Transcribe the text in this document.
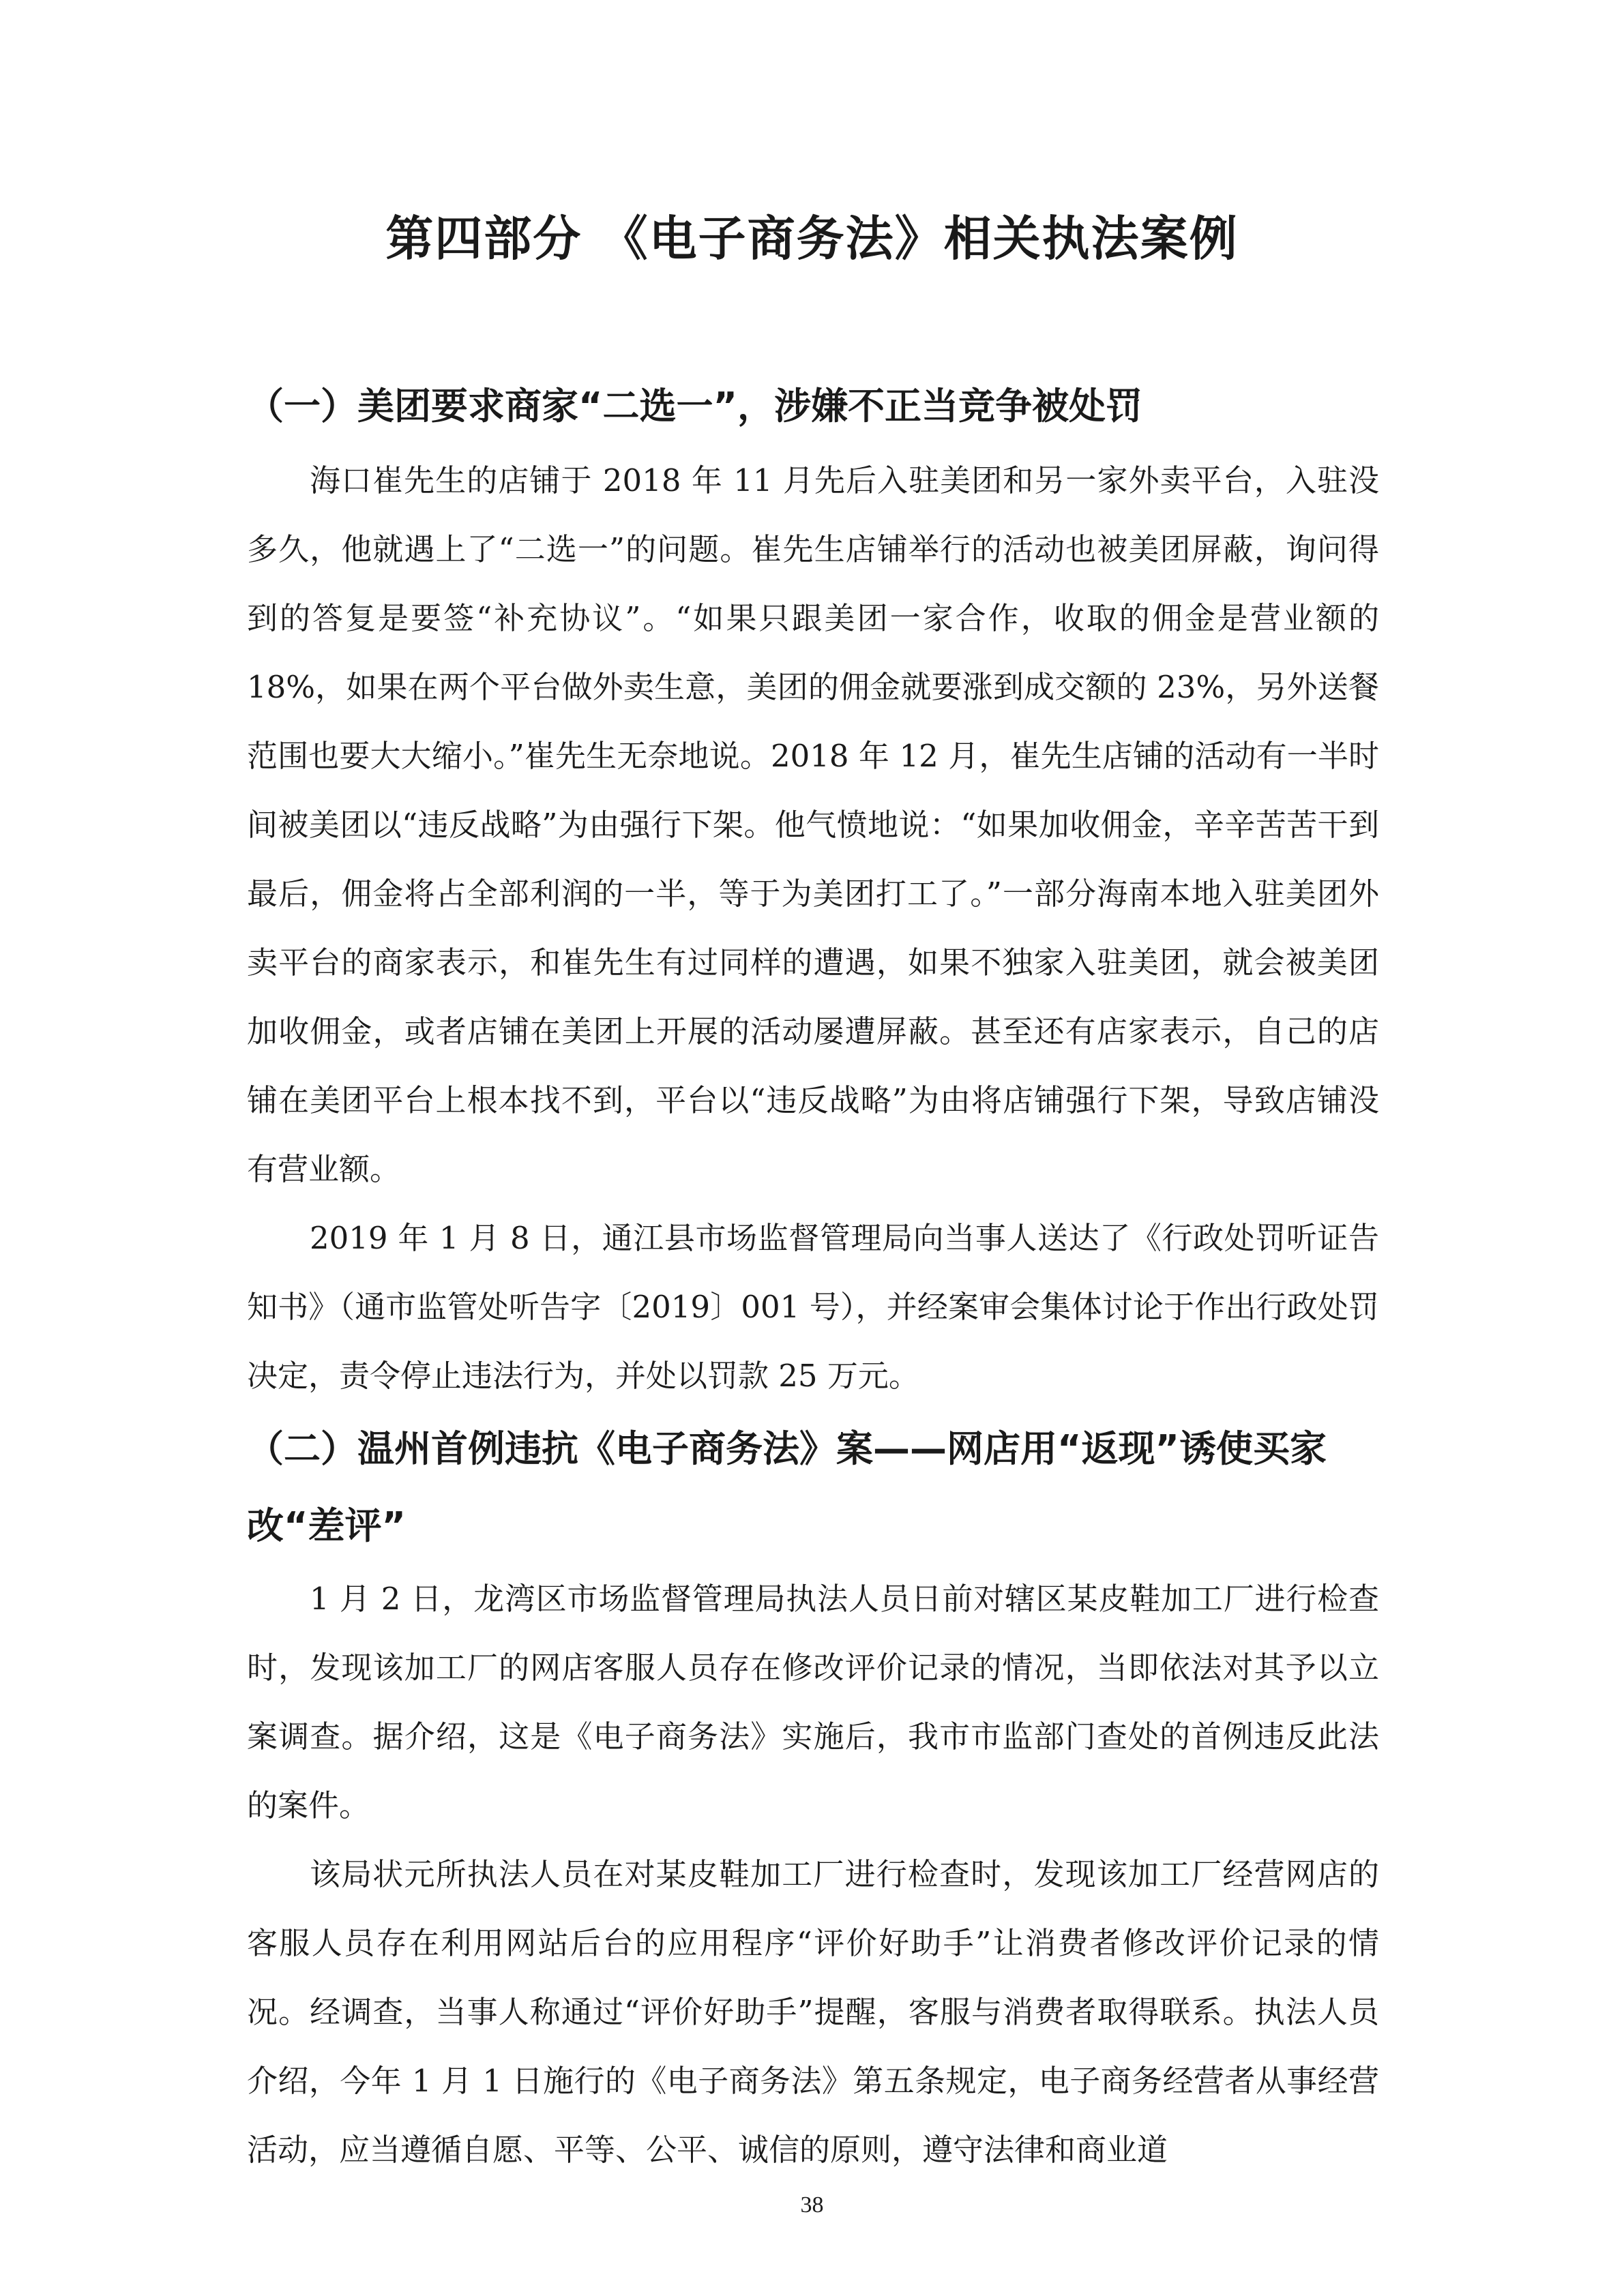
第四部分 《电子商务法》相关执法案例
（一）美团要求商家“二选一”，涉嫌不正当竞争被处罚

海口崔先生的店铺于 2018 年 11 月先后入驻美团和另一家外卖平台，入驻没多久，他就遇上了“二选一”的问题。崔先生店铺举行的活动也被美团屏蔽，询问得到的答复是要签“补充协议”。“如果只跟美团一家合作，收取的佣金是营业额的 18%，如果在两个平台做外卖生意，美团的佣金就要涨到成交额的 23%，另外送餐范围也要大大缩小。”崔先生无奈地说。2018 年 12 月，崔先生店铺的活动有一半时间被美团以“违反战略”为由强行下架。他气愤地说：“如果加收佣金，辛辛苦苦干到最后，佣金将占全部利润的一半，等于为美团打工了。”一部分海南本地入驻美团外卖平台的商家表示，和崔先生有过同样的遭遇，如果不独家入驻美团，就会被美团加收佣金，或者店铺在美团上开展的活动屡遭屏蔽。甚至还有店家表示，自己的店铺在美团平台上根本找不到，平台以“违反战略”为由将店铺强行下架，导致店铺没有营业额。

2019 年 1 月 8 日，通江县市场监督管理局向当事人送达了《行政处罚听证告知书》（通市监管处听告字〔2019〕001 号），并经案审会集体讨论于作出行政处罚决定，责令停止违法行为，并处以罚款 25 万元。

（二）温州首例违抗《电子商务法》案——网店用“返现”诱使买家改“差评”

1 月 2 日，龙湾区市场监督管理局执法人员日前对辖区某皮鞋加工厂进行检查时，发现该加工厂的网店客服人员存在修改评价记录的情况，当即依法对其予以立案调查。据介绍，这是《电子商务法》实施后，我市市监部门查处的首例违反此法的案件。

该局状元所执法人员在对某皮鞋加工厂进行检查时，发现该加工厂经营网店的客服人员存在利用网站后台的应用程序“评价好助手”让消费者修改评价记录的情况。经调查，当事人称通过“评价好助手”提醒，客服与消费者取得联系。执法人员介绍，今年 1 月 1 日施行的《电子商务法》第五条规定，电子商务经营者从事经营活动，应当遵循自愿、平等、公平、诚信的原则，遵守法律和商业道

38
